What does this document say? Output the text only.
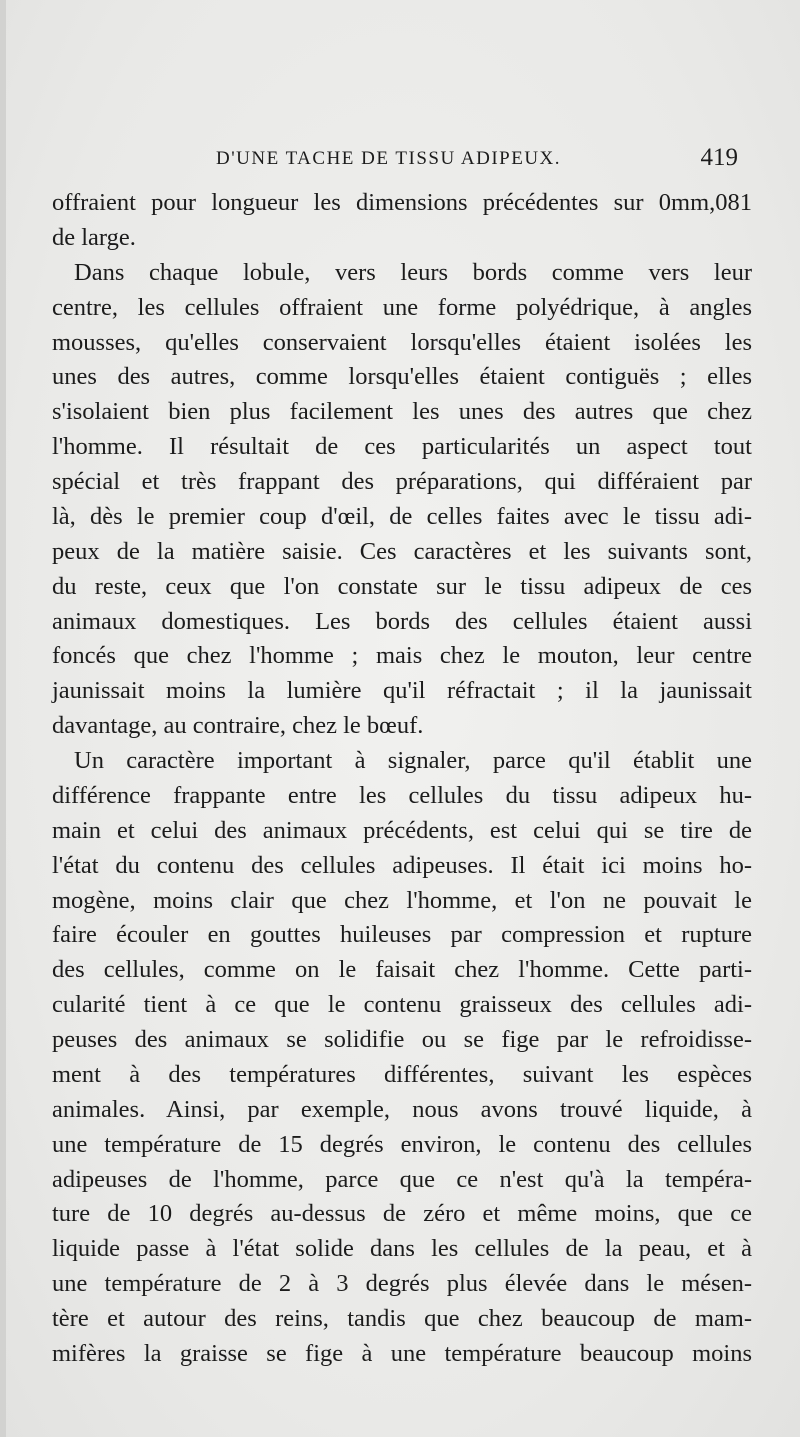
D'UNE TACHE DE TISSU ADIPEUX.	419
offraient pour longueur les dimensions précédentes sur 0mm,081
de large.
Dans chaque lobule, vers leurs bords comme vers leur
centre, les cellules offraient une forme polyédrique, à angles
mousses, qu'elles conservaient lorsqu'elles étaient isolées les
unes des autres, comme lorsqu'elles étaient contiguës ; elles
s'isolaient bien plus facilement les unes des autres que chez
l'homme. Il résultait de ces particularités un aspect tout
spécial et très frappant des préparations, qui différaient par
là, dès le premier coup d'œil, de celles faites avec le tissu adi-
peux de la matière saisie. Ces caractères et les suivants sont,
du reste, ceux que l'on constate sur le tissu adipeux de ces
animaux domestiques. Les bords des cellules étaient aussi
foncés que chez l'homme ; mais chez le mouton, leur centre
jaunissait moins la lumière qu'il réfractait ; il la jaunissait
davantage, au contraire, chez le bœuf.
Un caractère important à signaler, parce qu'il établit une
différence frappante entre les cellules du tissu adipeux hu-
main et celui des animaux précédents, est celui qui se tire de
l'état du contenu des cellules adipeuses. Il était ici moins ho-
mogène, moins clair que chez l'homme, et l'on ne pouvait le
faire écouler en gouttes huileuses par compression et rupture
des cellules, comme on le faisait chez l'homme. Cette parti-
cularité tient à ce que le contenu graisseux des cellules adi-
peuses des animaux se solidifie ou se fige par le refroidisse-
ment à des températures différentes, suivant les espèces
animales. Ainsi, par exemple, nous avons trouvé liquide, à
une température de 15 degrés environ, le contenu des cellules
adipeuses de l'homme, parce que ce n'est qu'à la tempéra-
ture de 10 degrés au-dessus de zéro et même moins, que ce
liquide passe à l'état solide dans les cellules de la peau, et à
une température de 2 à 3 degrés plus élevée dans le mésen-
tère et autour des reins, tandis que chez beaucoup de mam-
mifères la graisse se fige à une température beaucoup moins
